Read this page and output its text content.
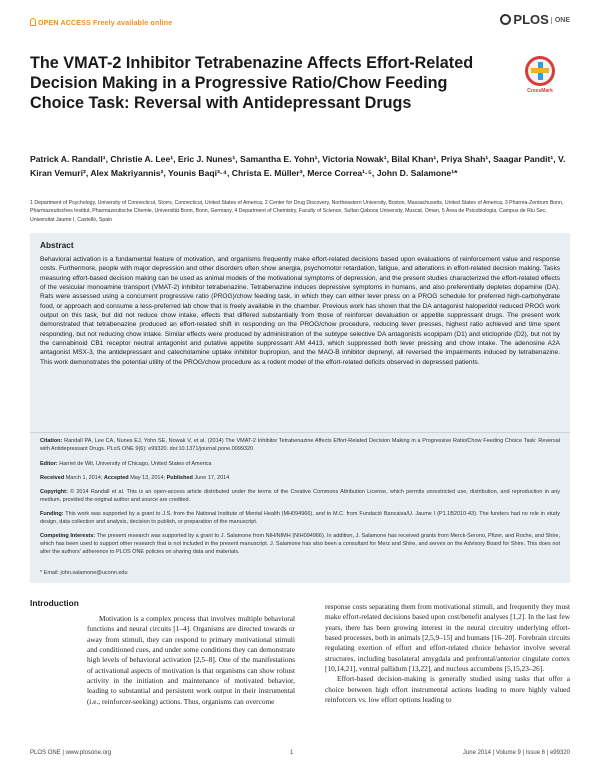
OPEN ACCESS Freely available online	PLOS ONE
The VMAT-2 Inhibitor Tetrabenazine Affects Effort-Related Decision Making in a Progressive Ratio/Chow Feeding Choice Task: Reversal with Antidepressant Drugs
CrossMark
Patrick A. Randall¹, Christie A. Lee¹, Eric J. Nunes¹, Samantha E. Yohn¹, Victoria Nowak¹, Bilal Khan¹, Priya Shah¹, Saagar Pandit¹, V. Kiran Vemuri², Alex Makriyannis², Younis Baqi³·⁴, Christa E. Müller³, Merce Correa¹·⁵, John D. Salamone¹*
1 Department of Psychology, University of Connecticut, Storrs, Connecticut, United States of America, 2 Center for Drug Discovery, Northeastern University, Boston, Massachusetts, United States of America, 3 Pharma-Zentrum Bonn, Pharmazeutisches Institut, Pharmazeutische Chemie, Universität Bonn, Bonn, Germany, 4 Department of Chemistry, Faculty of Science, Sultan Qaboos University, Muscat, Oman, 5 Àrea de Psicobiologia, Campus de Riu Sec, Universitat Jaume I, Castelló, Spain
Abstract
Behavioral activation is a fundamental feature of motivation, and organisms frequently make effort-related decisions based upon evaluations of reinforcement value and response costs. Furthermore, people with major depression and other disorders often show anergia, psychomotor retardation, fatigue, and alterations in effort-related decision making. Tasks measuring effort-based decision making can be used as animal models of the motivational symptoms of depression, and the present studies characterized the effort-related effects of the vesicular monoamine transport (VMAT-2) inhibitor tetrabenazine. Tetrabenazine induces depressive symptoms in humans, and also preferentially depletes dopamine (DA). Rats were assessed using a concurrent progressive ratio (PROG)/chow feeding task, in which they can either lever press on a PROG schedule for preferred high-carbohydrate food, or approach and consume a less-preferred lab chow that is freely available in the chamber. Previous work has shown that the DA antagonist haloperidol reduced PROG work output on this task, but did not reduce chow intake, effects that differed substantially from those of reinforcer devaluation or appetite suppressant drugs. The present work demonstrated that tetrabenazine produced an effort-related shift in responding on the PROG/chow procedure, reducing lever presses, highest ratio achieved and time spent responding, but not reducing chow intake. Similar effects were produced by administration of the subtype selective DA antagonists ecopipam (D1) and eticlopride (D2), but not by the cannabinoid CB1 receptor neutral antagonist and putative appetite suppressant AM 4413, which suppressed both lever pressing and chow intake. The adenosine A2A antagonist MSX-3, the antidepressant and catecholamine uptake inhibitor bupropion, and the MAO-B inhibitor deprenyl, all reversed the impairments induced by tetrabenazine. This work demonstrates the potential utility of the PROG/chow procedure as a rodent model of the effort-related deficits observed in depressed patients.
Citation: Randall PA, Lee CA, Nunes EJ, Yohn SE, Nowak V, et al. (2014) The VMAT-2 Inhibitor Tetrabenazine Affects Effort-Related Decision Making in a Progressive Ratio/Chow Feeding Choice Task: Reversal with Antidepressant Drugs. PLoS ONE 9(6): e99320. doi:10.1371/journal.pone.0099320
Editor: Harriet de Wit, University of Chicago, United States of America
Received March 1, 2014; Accepted May 13, 2014; Published June 17, 2014
Copyright: © 2014 Randall et al. This is an open-access article distributed under the terms of the Creative Commons Attribution License, which permits unrestricted use, distribution, and reproduction in any medium, provided the original author and source are credited.
Funding: This work was supported by a grant to J.S. from the National Institute of Mental Health (MH094966), and to M.C. from Fundació Bancaixa/U. Jaume I (P1.1B2010-43). The funders had no role in study design, data collection and analysis, decision to publish, or preparation of the manuscript.
Competing Interests: The present research was supported by a grant to J. Salamone from NIH/NIMH (NIH094966). In addition, J. Salamone has received grants from Merck-Serono, Pfizer, and Roche, and Shire, which has been used to support other research that is not included in the present manuscript. J. Salamone has also been a consultant for Merz and Shire, and serves on the Advisory Board for Shire. This does not alter the authors' adherence to PLOS ONE policies on sharing data and materials.
* Email: john.salamone@uconn.edu
Introduction

Motivation is a complex process that involves multiple behavioral functions and neural circuits [1–4]. Organisms are directed towards or away from stimuli, they can respond to primary motivational stimuli and conditioned cues, and under some conditions they can demonstrate high levels of behavioral activation [2,5–8]. One of the manifestations of activational aspects of motivation is that organisms can show robust activity in the initiation and maintenance of motivated behavior, leading to substantial and persistent work output in their instrumental (i.e., reinforcer-seeking) actions. Thus, organisms can overcome

response costs separating them from motivational stimuli, and frequently they must make effort-related decisions based upon cost/benefit analyses [1,2]. In the last few years, there has been growing interest in the neural circuitry underlying effort-based processes, both in animals [2,5,9–15] and humans [16–20]. Forebrain circuits regulating exertion of effort and effort-related choice behavior involve several structures, including basolateral amygdala and prefrontal/anterior cingulate cortex [10,14,21], ventral pallidum [13,22], and nucleus accumbens [5,15,23–26].

Effort-based decision-making is generally studied using tasks that offer a choice between high effort instrumental actions leading to more highly valued reinforcers vs. low effort options leading to

PLOS ONE | www.plosone.org	1	June 2014 | Volume 9 | Issue 6 | e99320
